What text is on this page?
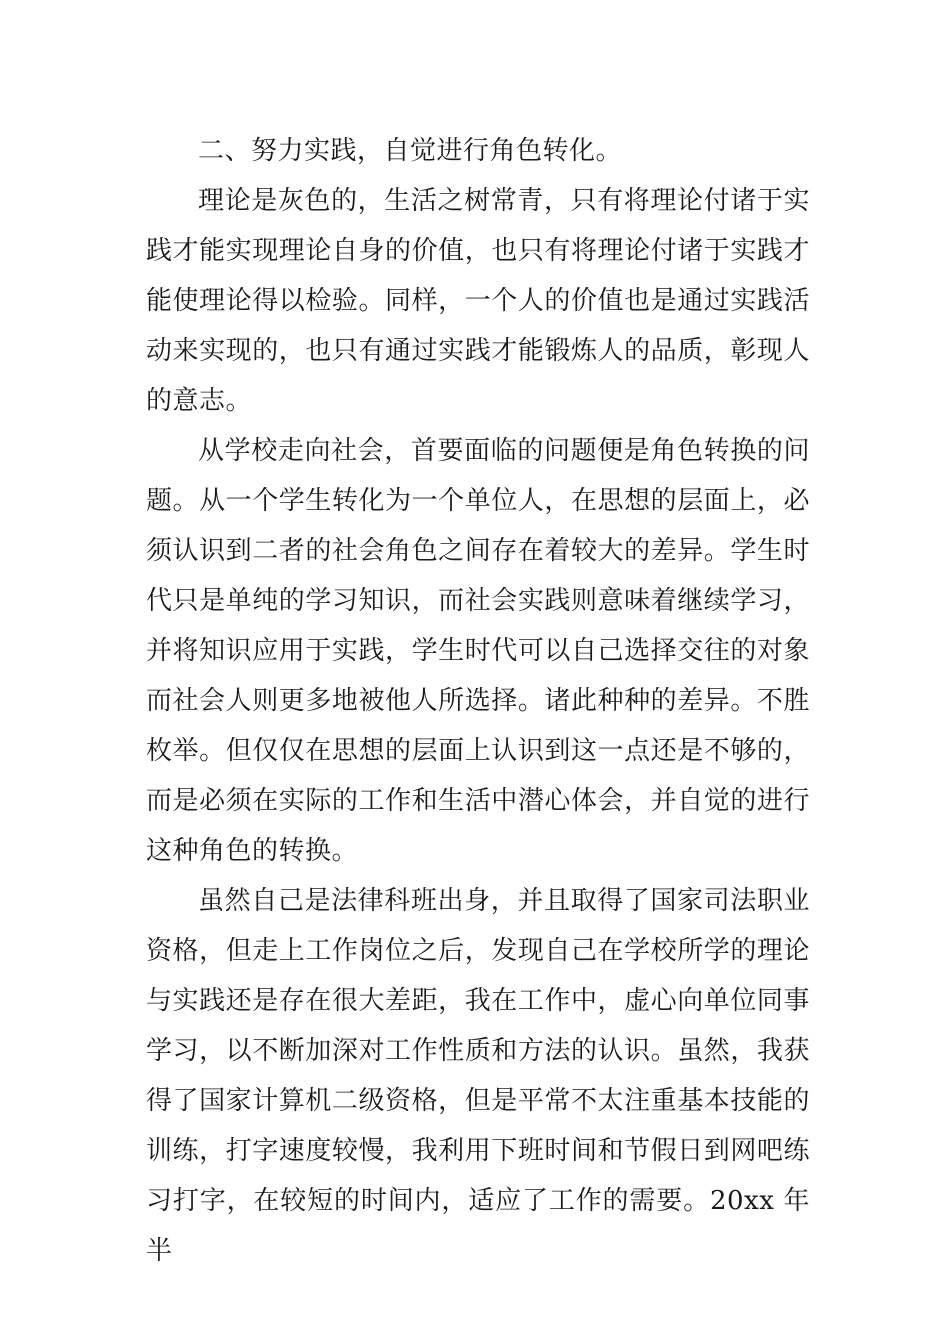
二、努力实践，自觉进行角色转化。

理论是灰色的，生活之树常青，只有将理论付诸于实践才能实现理论自身的价值，也只有将理论付诸于实践才能使理论得以检验。同样，一个人的价值也是通过实践活动来实现的，也只有通过实践才能锻炼人的品质，彰现人的意志。

从学校走向社会，首要面临的问题便是角色转换的问题。从一个学生转化为一个单位人，在思想的层面上，必须认识到二者的社会角色之间存在着较大的差异。学生时代只是单纯的学习知识，而社会实践则意味着继续学习，并将知识应用于实践，学生时代可以自己选择交往的对象而社会人则更多地被他人所选择。诸此种种的差异。不胜枚举。但仅仅在思想的层面上认识到这一点还是不够的，而是必须在实际的工作和生活中潜心体会，并自觉的进行这种角色的转换。

虽然自己是法律科班出身，并且取得了国家司法职业资格，但走上工作岗位之后，发现自己在学校所学的理论与实践还是存在很大差距，我在工作中，虚心向单位同事学习，以不断加深对工作性质和方法的认识。虽然，我获得了国家计算机二级资格，但是平常不太注重基本技能的训练，打字速度较慢，我利用下班时间和节假日到网吧练习打字，在较短的时间内，适应了工作的需要。20xx 年半
